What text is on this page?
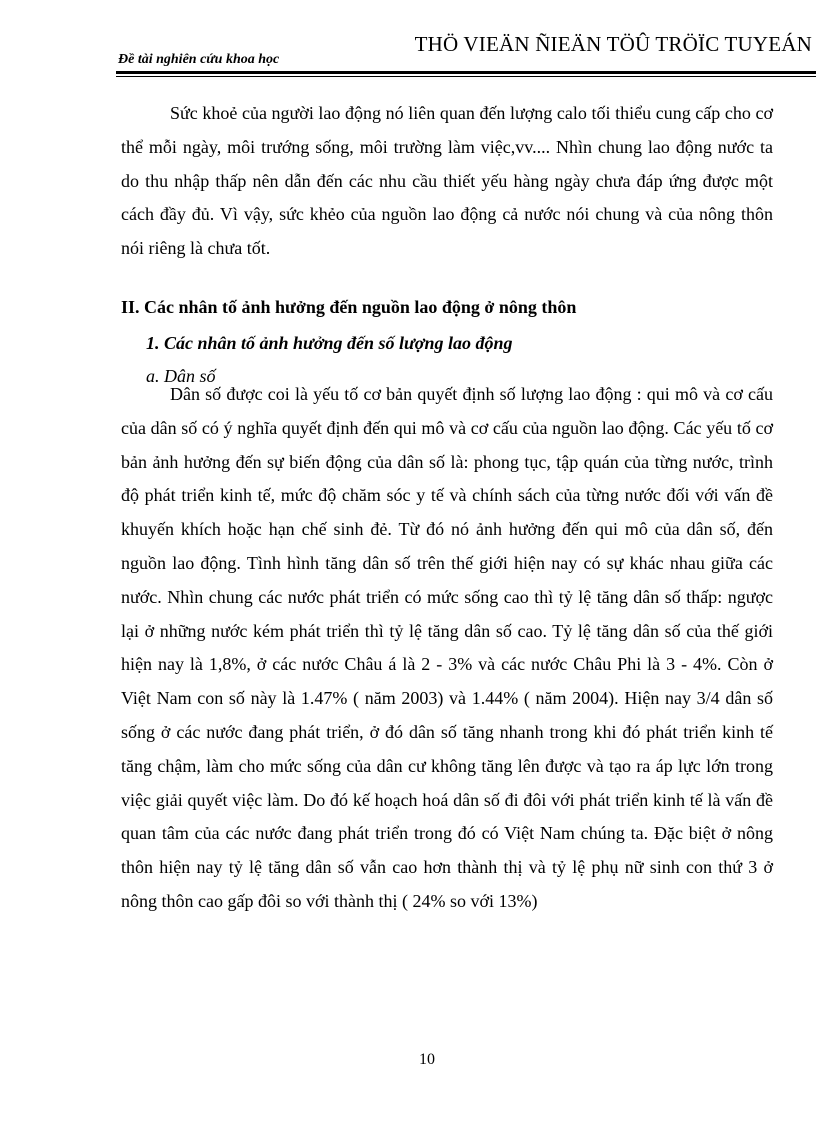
THÖ VIEÄN ÑIEÄN TÖÛ TRÖÏC TUYEÁN
Đề tài nghiên cứu khoa học

Sức khoẻ của người lao động nó liên quan đến lượng calo tối thiểu cung cấp cho cơ thể mỗi ngày, môi trướng sống, môi trường làm việc,vv.... Nhìn chung lao động nước ta do thu nhập thấp nên dẫn đến các nhu cầu thiết yếu hàng ngày chưa đáp ứng được một cách đầy đủ. Vì vậy, sức khẻo của nguồn lao động cả nước nói chung và của nông thôn nói riêng là chưa tốt.

II. Các nhân tố ảnh hưởng đến nguồn lao động ở nông thôn
1. Các nhân tố ảnh hưởng đến số lượng lao động
a. Dân số

Dân số được coi là yếu tố cơ bản quyết định số lượng lao động : qui mô và cơ cấu của dân số có ý nghĩa quyết định đến qui mô và cơ cấu của nguồn lao động. Các yếu tố cơ bản ảnh hưởng đến sự biến động của dân số là: phong tục, tập quán của từng nước, trình độ phát triển kinh tế, mức độ chăm sóc y tế và chính sách của từng nước đối với vấn đề khuyến khích hoặc hạn chế sinh đẻ. Từ đó nó ảnh hưởng đến qui mô của dân số, đến nguồn lao động. Tình hình tăng dân số trên thế giới hiện nay có sự khác nhau giữa các nước. Nhìn chung các nước phát triển có mức sống cao thì tỷ lệ tăng dân số thấp: ngược lại ở những nước kém phát triển thì tỷ lệ tăng dân số cao. Tỷ lệ tăng dân số của thế giới hiện nay là 1,8%, ở các nước Châu á là 2 - 3% và các nước Châu Phi là 3 - 4%. Còn ở Việt Nam con số này là 1.47% ( năm 2003) và 1.44% ( năm 2004). Hiện nay 3/4 dân số sống ở các nước đang phát triển, ở đó dân số tăng nhanh trong khi đó phát triển kinh tế tăng chậm, làm cho mức sống của dân cư không tăng lên được và tạo ra áp lực lớn trong việc giải quyết việc làm. Do đó kế hoạch hoá dân số đi đôi với phát triển kinh tế là vấn đề quan tâm của các nước đang phát triển trong đó có Việt Nam chúng ta. Đặc biệt ở nông thôn hiện nay tỷ lệ tăng dân số vẫn cao hơn thành thị và tỷ lệ phụ nữ sinh con thứ 3 ở nông thôn cao gấp đôi so với thành thị ( 24% so với 13%)

10
